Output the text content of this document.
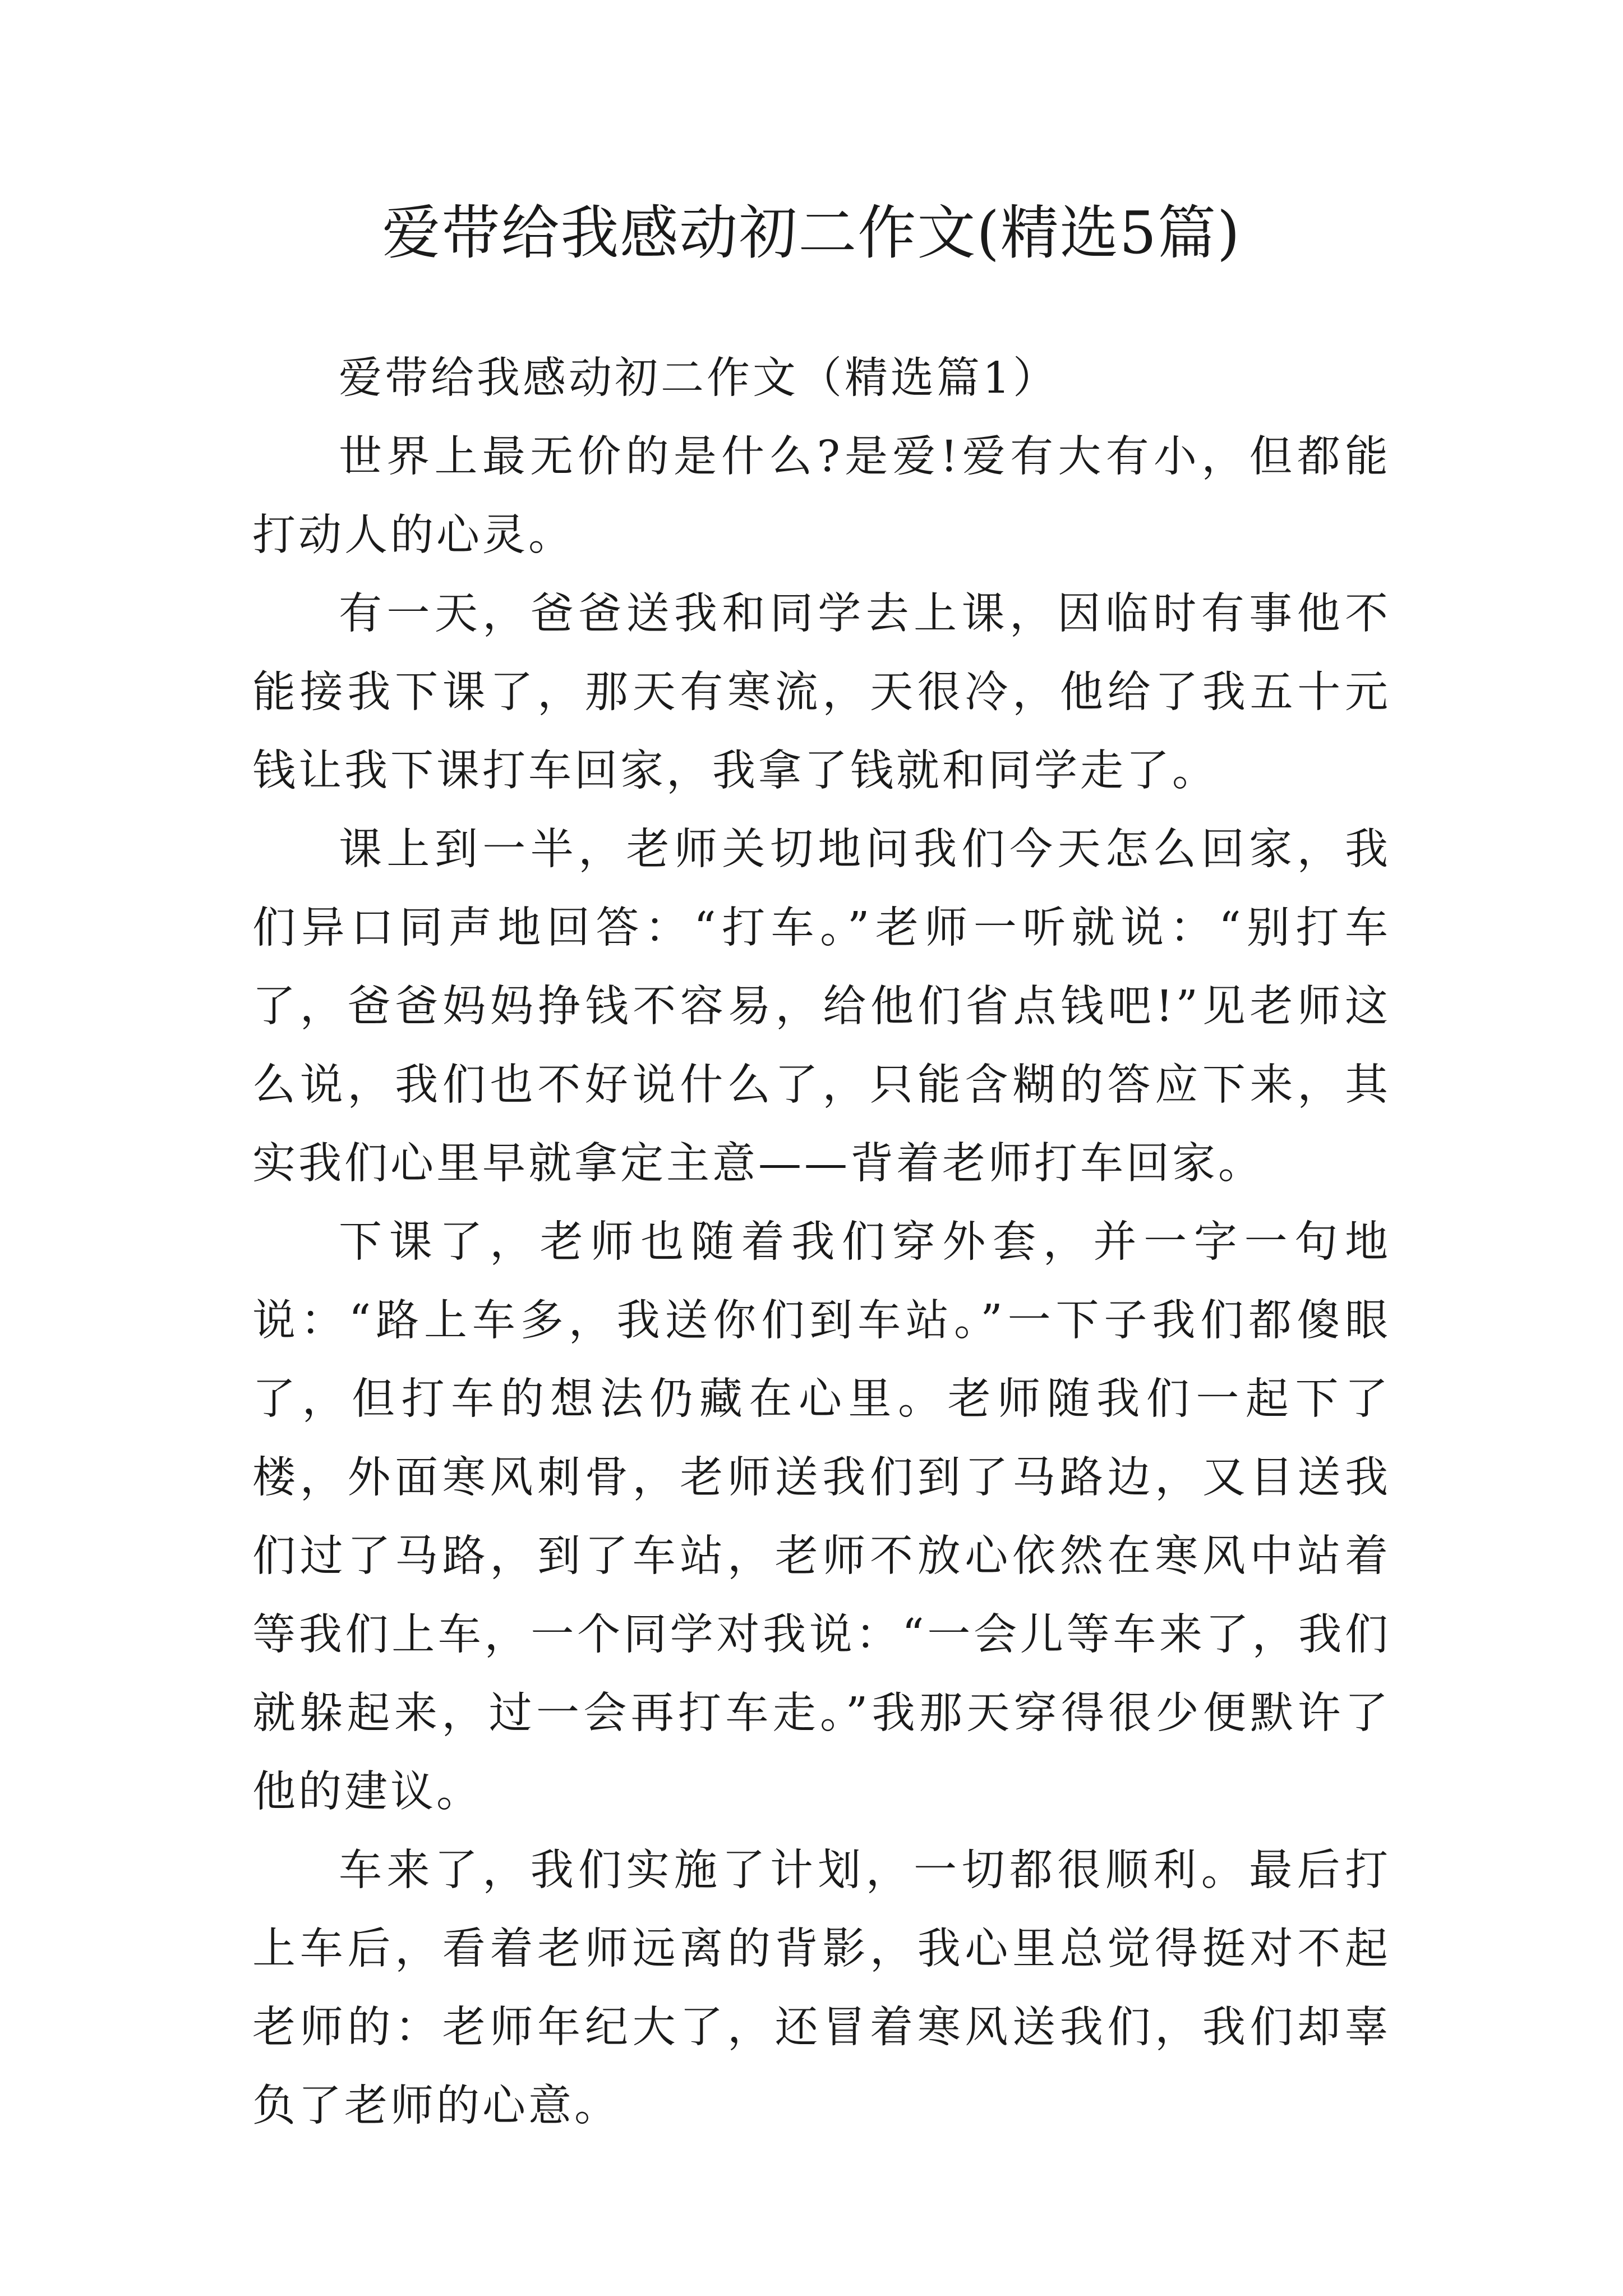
爱带给我感动初二作文(精选5篇)

爱带给我感动初二作文（精选篇1）

世界上最无价的是什么?是爱!爱有大有小，但都能打动人的心灵。

有一天，爸爸送我和同学去上课，因临时有事他不能接我下课了，那天有寒流，天很冷，他给了我五十元钱让我下课打车回家，我拿了钱就和同学走了。

课上到一半，老师关切地问我们今天怎么回家，我们异口同声地回答：“打车。”老师一听就说：“别打车了，爸爸妈妈挣钱不容易，给他们省点钱吧!”见老师这么说，我们也不好说什么了，只能含糊的答应下来，其实我们心里早就拿定主意——背着老师打车回家。

下课了，老师也随着我们穿外套，并一字一句地说：“路上车多，我送你们到车站。”一下子我们都傻眼了，但打车的想法仍藏在心里。老师随我们一起下了楼，外面寒风刺骨，老师送我们到了马路边，又目送我们过了马路，到了车站，老师不放心依然在寒风中站着等我们上车，一个同学对我说：“一会儿等车来了，我们就躲起来，过一会再打车走。”我那天穿得很少便默许了他的建议。

车来了，我们实施了计划，一切都很顺利。最后打上车后，看着老师远离的背影，我心里总觉得挺对不起老师的：老师年纪大了，还冒着寒风送我们，我们却辜负了老师的心意。
